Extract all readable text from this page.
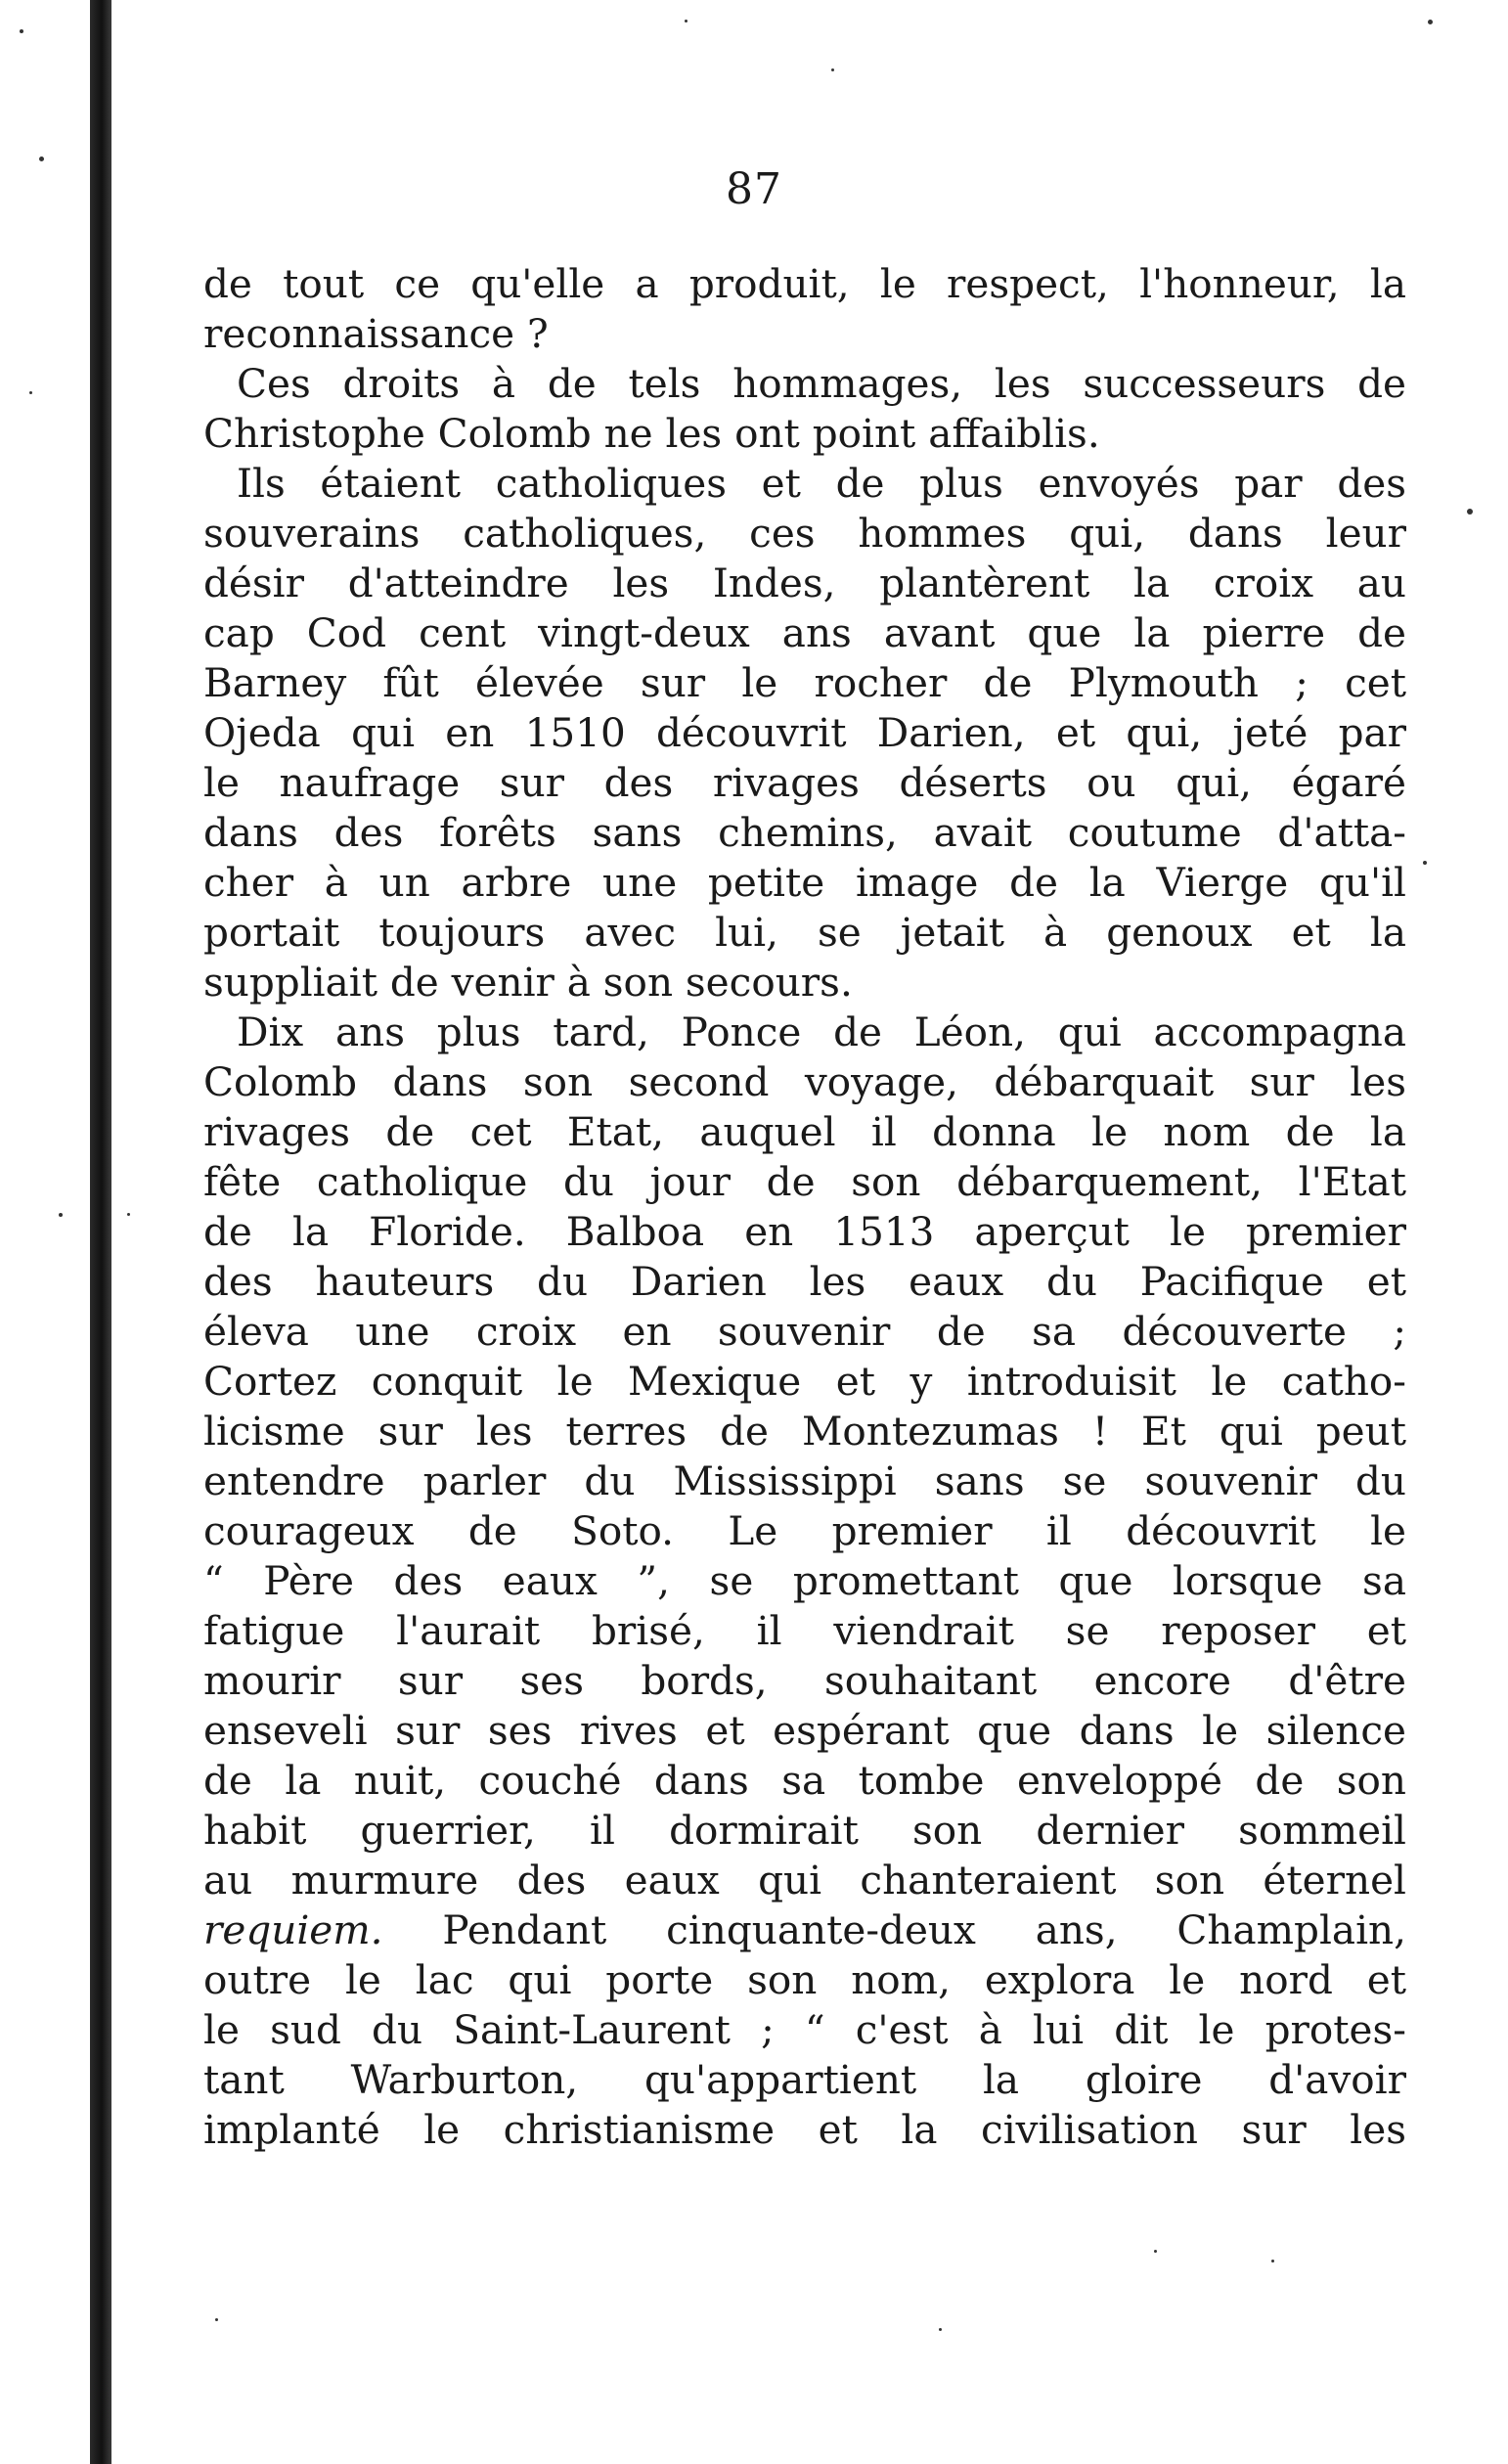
87
de tout ce qu'elle a produit, le respect, l'honneur, la
reconnaissance ?
Ces droits à de tels hommages, les successeurs de
Christophe Colomb ne les ont point affaiblis.
Ils étaient catholiques et de plus envoyés par des
souverains catholiques, ces hommes qui, dans leur
désir d'atteindre les Indes, plantèrent la croix au
cap Cod cent vingt-deux ans avant que la pierre de
Barney fût élevée sur le rocher de Plymouth ; cet
Ojeda qui en 1510 découvrit Darien, et qui, jeté par
le naufrage sur des rivages déserts ou qui, égaré
dans des forêts sans chemins, avait coutume d'atta-
cher à un arbre une petite image de la Vierge qu'il
portait toujours avec lui, se jetait à genoux et la
suppliait de venir à son secours.
Dix ans plus tard, Ponce de Léon, qui accompagna
Colomb dans son second voyage, débarquait sur les
rivages de cet Etat, auquel il donna le nom de la
fête catholique du jour de son débarquement, l'Etat
de la Floride. Balboa en 1513 aperçut le premier
des hauteurs du Darien les eaux du Pacifique et
éleva une croix en souvenir de sa découverte ;
Cortez conquit le Mexique et y introduisit le catho-
licisme sur les terres de Montezumas ! Et qui peut
entendre parler du Mississippi sans se souvenir du
courageux de Soto. Le premier il découvrit le
“ Père des eaux ”, se promettant que lorsque sa
fatigue l'aurait brisé, il viendrait se reposer et
mourir sur ses bords, souhaitant encore d'être
enseveli sur ses rives et espérant que dans le silence
de la nuit, couché dans sa tombe enveloppé de son
habit guerrier, il dormirait son dernier sommeil
au murmure des eaux qui chanteraient son éternel
requiem. Pendant cinquante-deux ans, Champlain,
outre le lac qui porte son nom, explora le nord et
le sud du Saint-Laurent ; “ c'est à lui dit le protes-
tant Warburton, qu'appartient la gloire d'avoir
implanté le christianisme et la civilisation sur les
